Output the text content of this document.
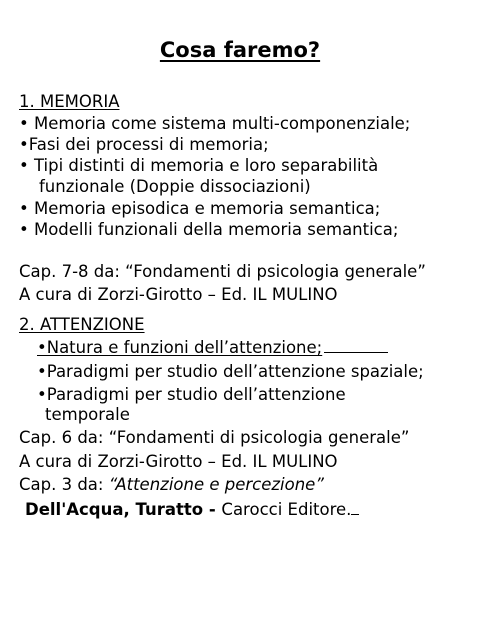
Cosa faremo?
1. MEMORIA
• Memoria come sistema multi-componenziale;
•Fasi dei processi di memoria;
• Tipi distinti di memoria e loro separabilità
funzionale (Doppie dissociazioni)
• Memoria episodica e memoria semantica;
• Modelli funzionali della memoria semantica;
Cap. 7-8 da: “Fondamenti di psicologia generale”
A cura di Zorzi-Girotto – Ed. IL MULINO
2. ATTENZIONE
•Natura e funzioni dell’attenzione;
•Paradigmi per studio dell’attenzione spaziale;
•Paradigmi per studio dell’attenzione
temporale
Cap. 6 da: “Fondamenti di psicologia generale”
A cura di Zorzi-Girotto – Ed. IL MULINO
Cap. 3 da: “Attenzione e percezione”
Dell'Acqua, Turatto - Carocci Editore.
